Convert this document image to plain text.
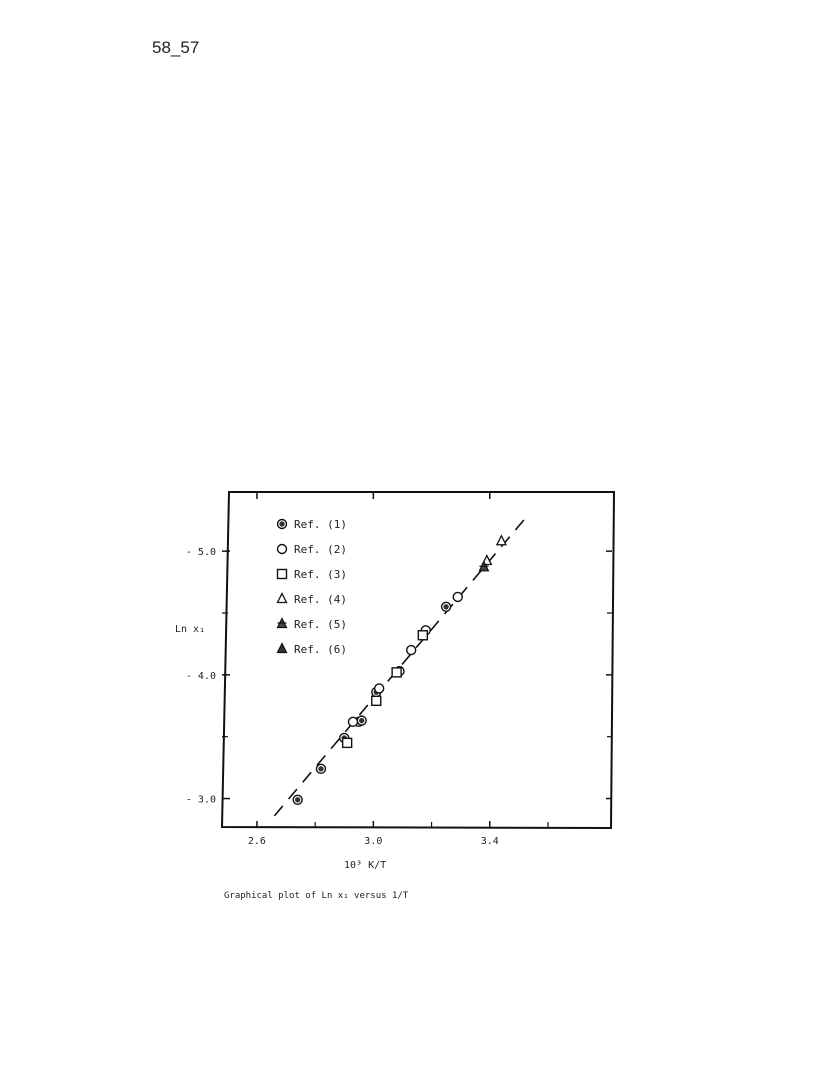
58_57
2.6	3.0	3.4
- 3.0
- 4.0
- 5.0
Ref. (1)
Ref. (2)
Ref. (3)
Ref. (4)
Ref. (5)
Ref. (6)
Ln x₁
10³ K/T
Graphical plot of Ln x₁ versus 1/T
